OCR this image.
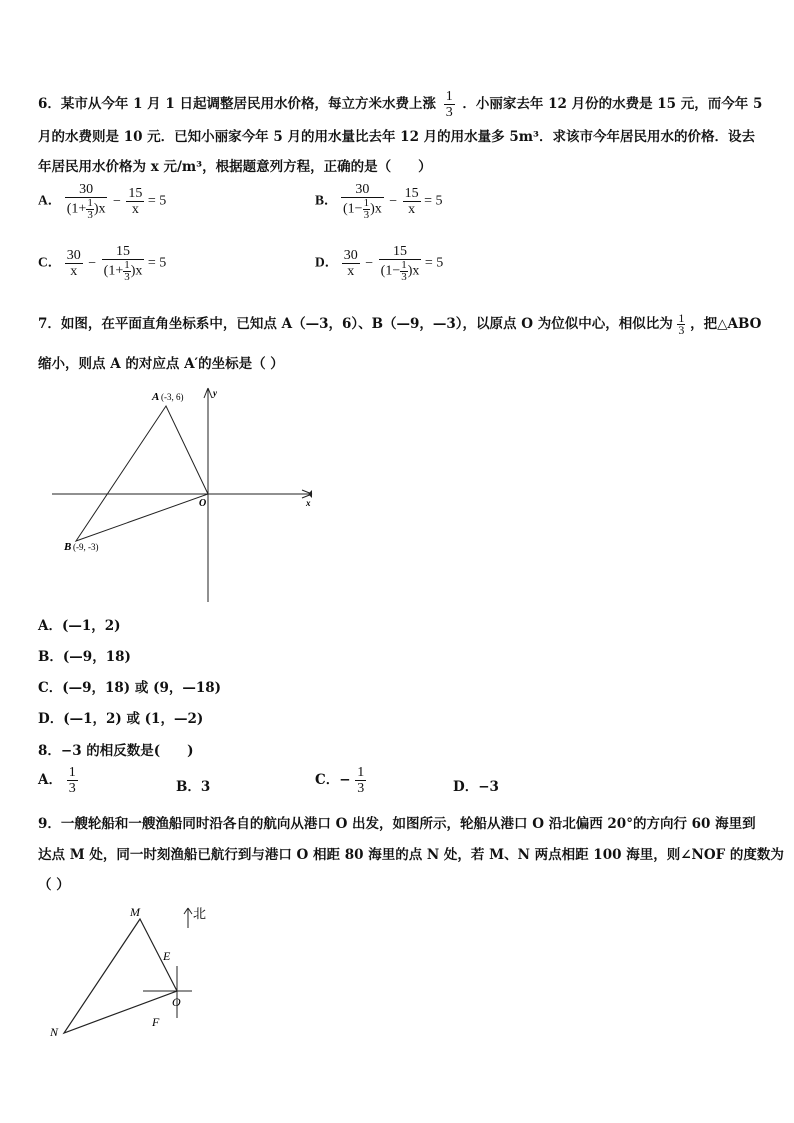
6．某市从今年 1 月 1 日起调整居民用水价格，每立方米水费上涨 $\frac{1}{3}$ ．小丽家去年 12 月份的水费是 15 元，而今年 5
月的水费则是 10 元．已知小丽家今年 5 月的用水量比去年 12 月的用水量多 5m³．求该市今年居民用水的价格．设去
年居民用水价格为 x 元/m³，根据题意列方程，正确的是（　　）
A． $\frac{30}{(1+ \frac{1}{3} )x} - \frac{15}{x} = 5$	B． $\frac{30}{(1- \frac{1}{3} )x} - \frac{15}{x} = 5$
C． $\frac{30}{x} - \frac{15}{(1+ \frac{1}{3} )x} = 5$	D． $\frac{30}{x} - \frac{15}{(1- \frac{1}{3} )x} = 5$
7．如图，在平面直角坐标系中，已知点 A（—3，6）、B（—9，—3），以原点 O 为位似中心，相似比为 $\frac{1}{3}$ ，把△ABO
缩小，则点 A 的对应点 A′的坐标是（ ）
A (-3, 6)
B (-9, -3)
O	x
y
A．(—1，2)
B．(—9，18)
C．(—9，18) 或 (9，—18)
D．(—1，2) 或 (1，—2)
8．−3 的相反数是(　　)
A． $\frac{1}{3}$	B．3	C．− $\frac{1}{3}$	D．−3
9．一艘轮船和一艘渔船同时沿各自的航向从港口 O 出发，如图所示，轮船从港口 O 沿北偏西 20°的方向行 60 海里到
达点 M 处，同一时刻渔船已航行到与港口 O 相距 80 海里的点 N 处，若 M、N 两点相距 100 海里，则∠NOF 的度数为
（ ）
北
M
N
E
O
F
